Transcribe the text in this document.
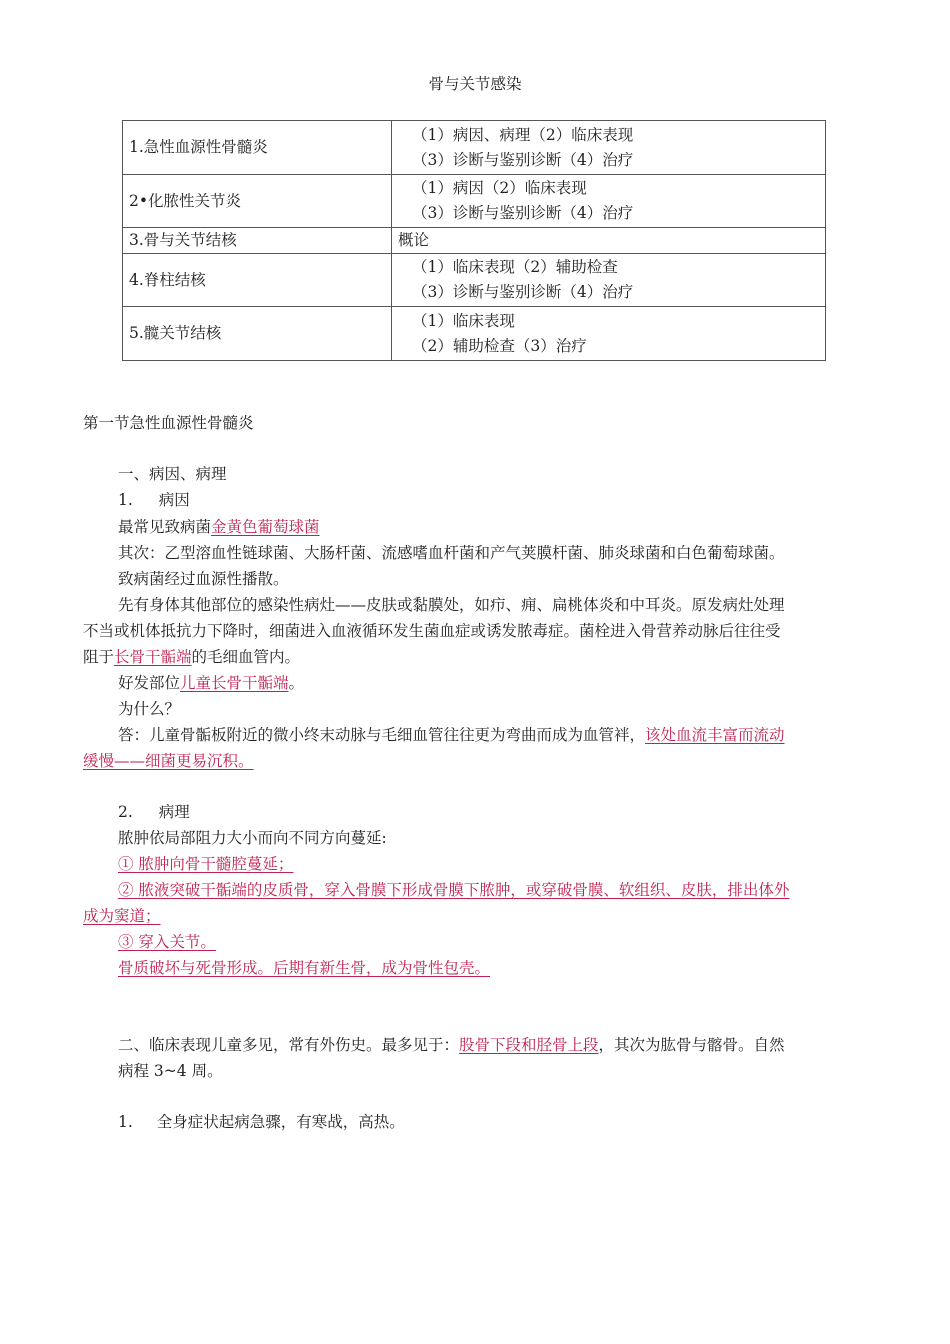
骨与关节感染
1.急性血源性骨髓炎	（1）病因、病理（2）临床表现
（3）诊断与鉴别诊断（4）治疗

2•化脓性关节炎	（1）病因（2）临床表现
（3）诊断与鉴别诊断（4）治疗

3.骨与关节结核	概论

4.脊柱结核	（1）临床表现（2）辅助检查
（3）诊断与鉴别诊断（4）治疗

5.髋关节结核	（1）临床表现
（2）辅助检查（3）治疗
第一节急性血源性骨髓炎
一、病因、病理
1. 病因
最常见致病菌金黄色葡萄球菌
其次：乙型溶血性链球菌、大肠杆菌、流感嗜血杆菌和产气荚膜杆菌、肺炎球菌和白色葡萄球菌。
致病菌经过血源性播散。
先有身体其他部位的感染性病灶——皮肤或黏膜处，如疖、痈、扁桃体炎和中耳炎。原发病灶处理
不当或机体抵抗力下降时，细菌进入血液循环发生菌血症或诱发脓毒症。菌栓进入骨营养动脉后往往受
阻于长骨干骺端的毛细血管内。
好发部位儿童长骨干骺端。
为什么？
答：儿童骨骺板附近的微小终末动脉与毛细血管往往更为弯曲而成为血管袢，该处血流丰富而流动
缓慢——细菌更易沉积。
2. 病理
脓肿依局部阻力大小而向不同方向蔓延:
① 脓肿向骨干髓腔蔓延；
② 脓液突破干骺端的皮质骨，穿入骨膜下形成骨膜下脓肿，或穿破骨膜、软组织、皮肤，排出体外
成为窦道；
③ 穿入关节。
骨质破坏与死骨形成。后期有新生骨，成为骨性包壳。
二、临床表现儿童多见，常有外伤史。最多见于：股骨下段和胫骨上段，其次为肱骨与髂骨。自然
病程 3~4 周。
1. 全身症状起病急骤，有寒战，高热。
